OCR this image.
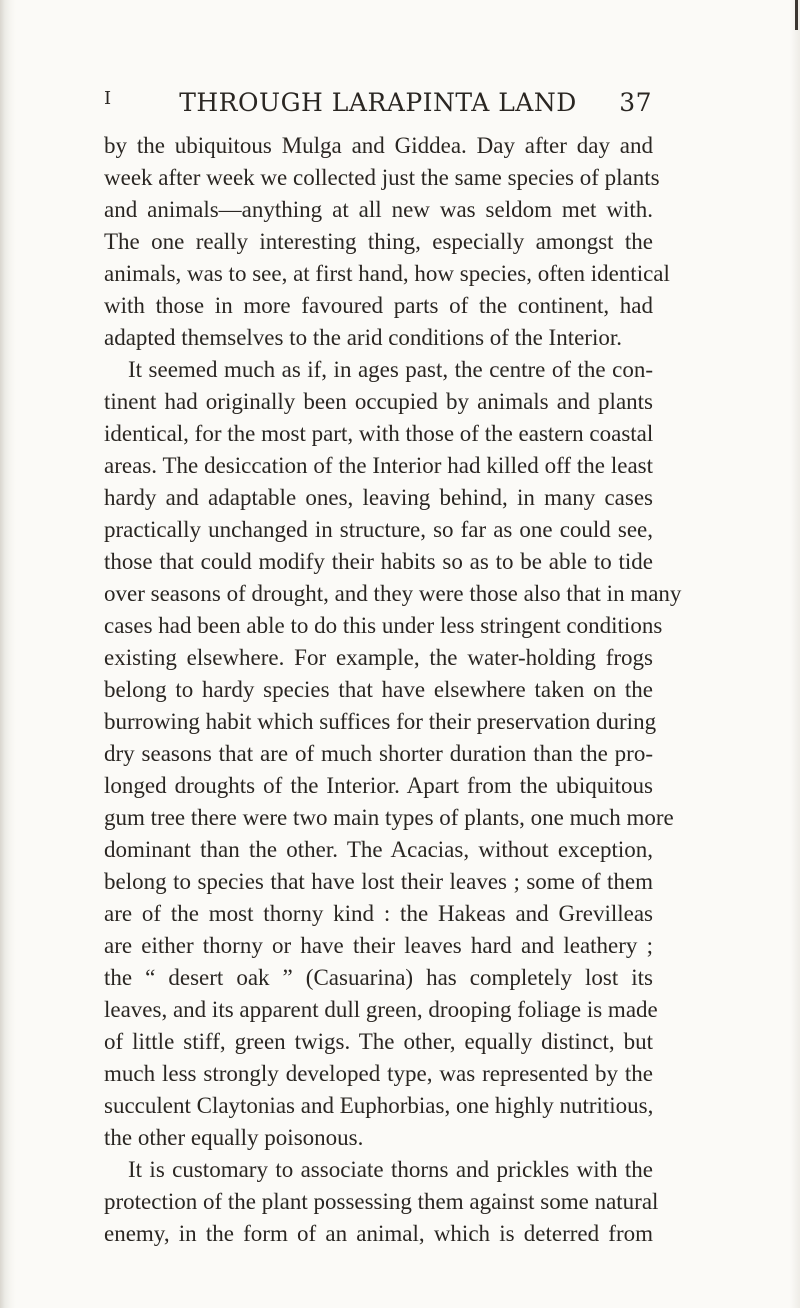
I	THROUGH LARAPINTA LAND	37
by the ubiquitous Mulga and Giddea. Day after day and
week after week we collected just the same species of plants
and animals—anything at all new was seldom met with.
The one really interesting thing, especially amongst the
animals, was to see, at first hand, how species, often identical
with those in more favoured parts of the continent, had
adapted themselves to the arid conditions of the Interior.
It seemed much as if, in ages past, the centre of the con-
tinent had originally been occupied by animals and plants
identical, for the most part, with those of the eastern coastal
areas. The desiccation of the Interior had killed off the least
hardy and adaptable ones, leaving behind, in many cases
practically unchanged in structure, so far as one could see,
those that could modify their habits so as to be able to tide
over seasons of drought, and they were those also that in many
cases had been able to do this under less stringent conditions
existing elsewhere. For example, the water-holding frogs
belong to hardy species that have elsewhere taken on the
burrowing habit which suffices for their preservation during
dry seasons that are of much shorter duration than the pro-
longed droughts of the Interior. Apart from the ubiquitous
gum tree there were two main types of plants, one much more
dominant than the other. The Acacias, without exception,
belong to species that have lost their leaves ; some of them
are of the most thorny kind : the Hakeas and Grevilleas
are either thorny or have their leaves hard and leathery ;
the “ desert oak ” (Casuarina) has completely lost its
leaves, and its apparent dull green, drooping foliage is made
of little stiff, green twigs. The other, equally distinct, but
much less strongly developed type, was represented by the
succulent Claytonias and Euphorbias, one highly nutritious,
the other equally poisonous.
It is customary to associate thorns and prickles with the
protection of the plant possessing them against some natural
enemy, in the form of an animal, which is deterred from
